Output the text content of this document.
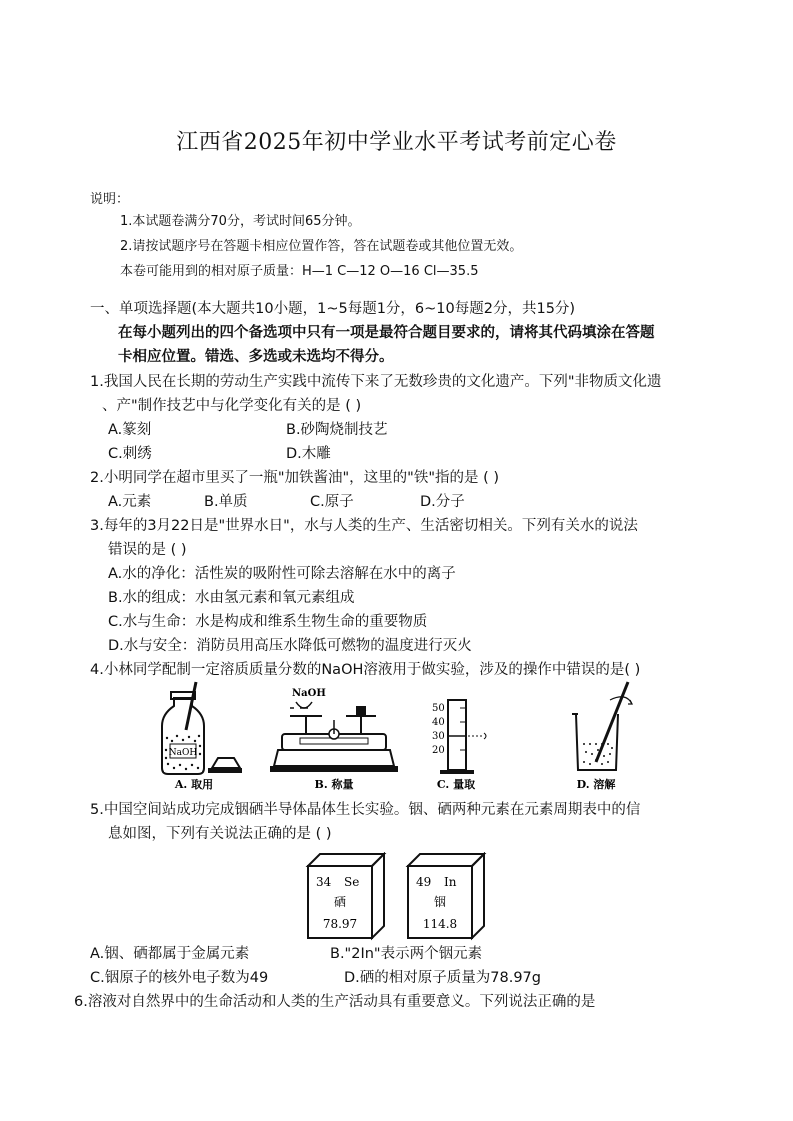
江西省2025年初中学业水平考试考前定心卷
说明：
1.本试题卷满分70分，考试时间65分钟。
2.请按试题序号在答题卡相应位置作答，答在试题卷或其他位置无效。
本卷可能用到的相对原子质量：H—1 C—12 O—16 Cl—35.5
一、单项选择题(本大题共10小题，1~5每题1分，6~10每题2分，共15分)
在每小题列出的四个备选项中只有一项是最符合题目要求的，请将其代码填涂在答题
卡相应位置。错选、多选或未选均不得分。
1.我国人民在长期的劳动生产实践中流传下来了无数珍贵的文化遗产。下列"非物质文化遗
、产"制作技艺中与化学变化有关的是 ( )
A.篆刻	B.砂陶烧制技艺
C.刺绣	D.木雕
2.小明同学在超市里买了一瓶"加铁酱油"，这里的"铁"指的是 ( )
A.元素	B.单质	C.原子	D.分子
3.每年的3月22日是"世界水日"，水与人类的生产、生活密切相关。下列有关水的说法
错误的是 ( )
A.水的净化：活性炭的吸附性可除去溶解在水中的离子
B.水的组成：水由氢元素和氧元素组成
C.水与生命：水是构成和维系生物生命的重要物质
D.水与安全：消防员用高压水降低可燃物的温度进行灭火
4.小林同学配制一定溶质质量分数的NaOH溶液用于做实验，涉及的操作中错误的是( )
NaOH
A. 取用
NaOH
B. 称量
50
40
30
20
C. 量取	D. 溶解
5.中国空间站成功完成铟硒半导体晶体生长实验。铟、硒两种元素在元素周期表中的信
息如图，下列有关说法正确的是 ( )
34 Se
硒
78.97
49 In
铟
114.8
A.铟、硒都属于金属元素	B."2In"表示两个铟元素
C.铟原子的核外电子数为49	D.硒的相对原子质量为78.97g
6.溶液对自然界中的生命活动和人类的生产活动具有重要意义。下列说法正确的是
